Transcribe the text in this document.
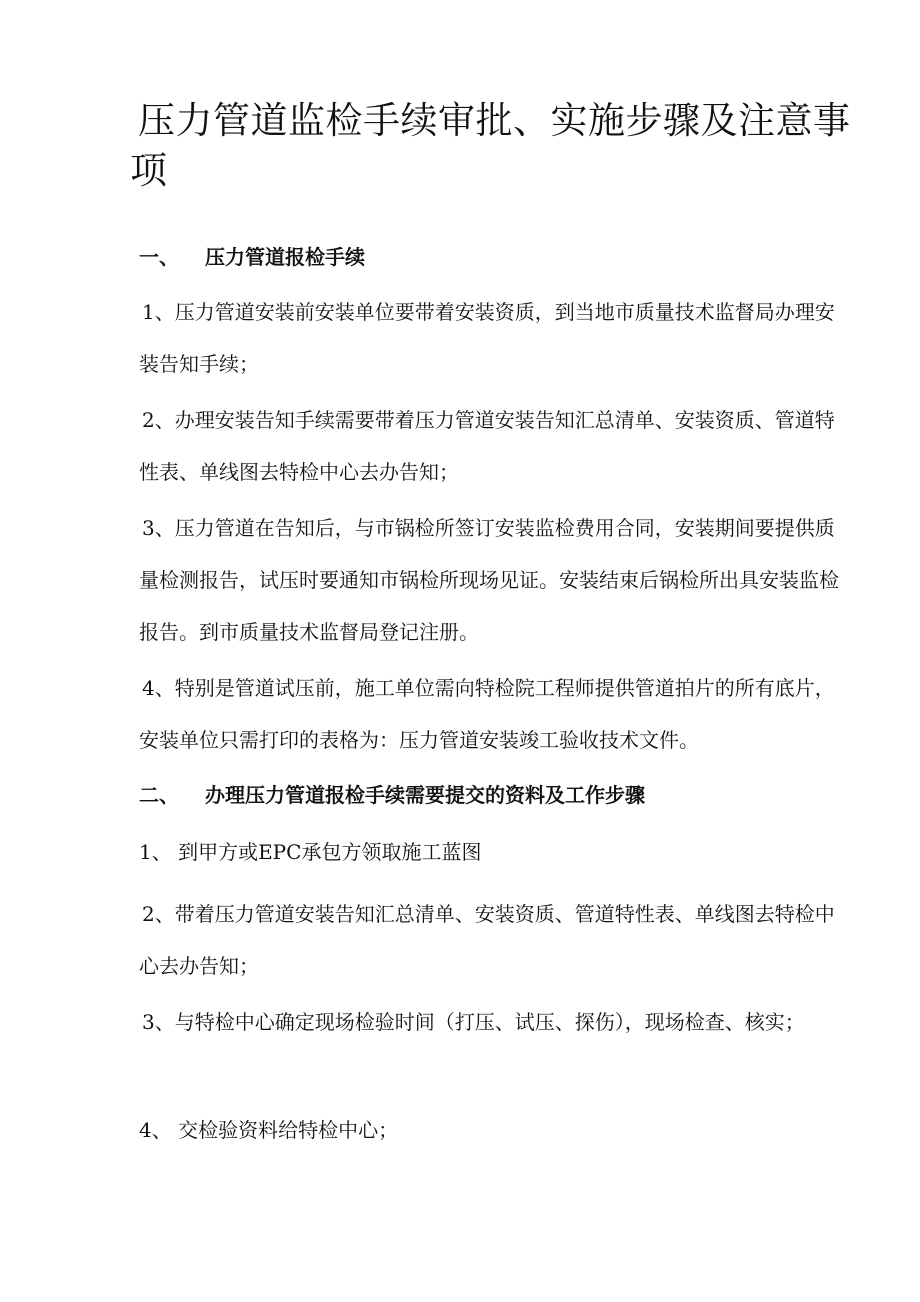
压力管道监检手续审批、实施步骤及注意事项
一、 压力管道报检手续

1、压力管道安装前安装单位要带着安装资质，到当地市质量技术监督局办理安装告知手续；

2、办理安装告知手续需要带着压力管道安装告知汇总清单、安装资质、管道特性表、单线图去特检中心去办告知；

3、压力管道在告知后，与市锅检所签订安装监检费用合同，安装期间要提供质量检测报告，试压时要通知市锅检所现场见证。安装结束后锅检所出具安装监检报告。到市质量技术监督局登记注册。

4、特别是管道试压前，施工单位需向特检院工程师提供管道拍片的所有底片，安装单位只需打印的表格为：压力管道安装竣工验收技术文件。

二、 办理压力管道报检手续需要提交的资料及工作步骤

1、 到甲方或EPC承包方领取施工蓝图

2、带着压力管道安装告知汇总清单、安装资质、管道特性表、单线图去特检中心去办告知；

3、与特检中心确定现场检验时间（打压、试压、探伤），现场检查、核实；

4、 交检验资料给特检中心；
